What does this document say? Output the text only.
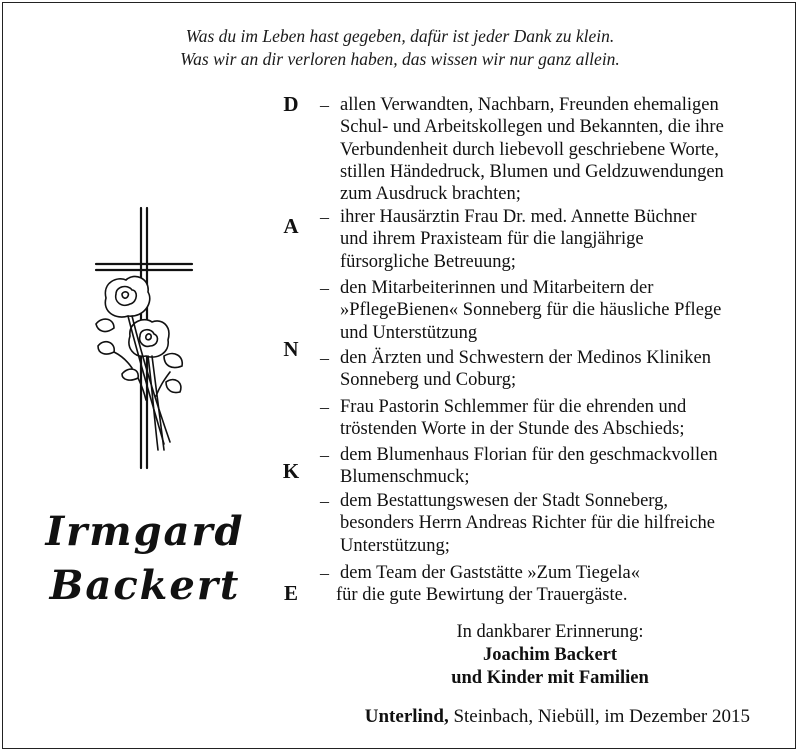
Was du im Leben hast gegeben, dafür ist jeder Dank zu klein.
Was wir an dir verloren haben, das wissen wir nur ganz allein.
D
A
N
K
E
–
–
–
–
–
–
–
–
allen Verwandten, Nachbarn, Freunden ehemaligen
Schul- und Arbeitskollegen und Bekannten, die ihre
Verbundenheit durch liebevoll geschriebene Worte,
stillen Händedruck, Blumen und Geldzuwendungen
zum Ausdruck brachten;
ihrer Hausärztin Frau Dr. med. Annette Büchner
und ihrem Praxisteam für die langjährige
fürsorgliche Betreuung;
den Mitarbeiterinnen und Mitarbeitern der
»PflegeBienen« Sonneberg für die häusliche Pflege
und Unterstützung
den Ärzten und Schwestern der Medinos Kliniken
Sonneberg und Coburg;
Frau Pastorin Schlemmer für die ehrenden und
tröstenden Worte in der Stunde des Abschieds;
dem Blumenhaus Florian für den geschmackvollen
Blumenschmuck;
dem Bestattungswesen der Stadt Sonneberg,
besonders Herrn Andreas Richter für die hilfreiche
Unterstützung;
dem Team der Gaststätte »Zum Tiegela«
für die gute Bewirtung der Trauergäste.
Irmgard
Backert
In dankbarer Erinnerung:
Joachim Backert
und Kinder mit Familien
Unterlind, Steinbach, Niebüll, im Dezember 2015
